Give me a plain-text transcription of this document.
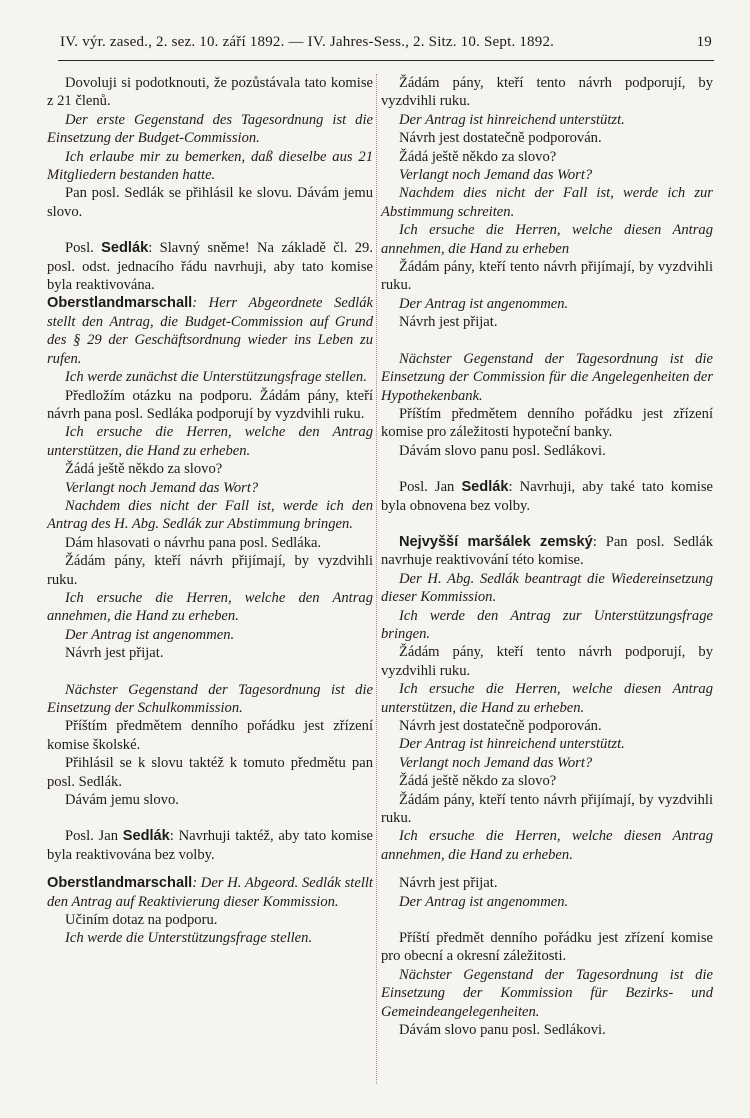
IV. výr. zased., 2. sez. 10. září 1892. — IV. Jahres-Sess., 2. Sitz. 10. Sept. 1892.	19

Dovoluji si podotknouti, že pozůstávala tato komise z 21 členů.

Der erste Gegenstand des Tagesordnung ist die Einsetzung der Budget-Commission.

Ich erlaube mir zu bemerken, daß dieselbe aus 21 Mitgliedern bestanden hatte.

Pan posl. Sedlák se přihlásil ke slovu. Dávám jemu slovo.

Posl. Sedlák: Slavný sněme! Na základě čl. 29. posl. odst. jednacího řádu navrhuji, aby tato komise byla reaktivována.

Oberstlandmarschall: Herr Abgeordnete Sedlák stellt den Antrag, die Budget-Commission auf Grund des § 29 der Geschäftsordnung wieder ins Leben zu rufen.

Ich werde zunächst die Unterstützungsfrage stellen.

Předložím otázku na podporu. Žádám pány, kteří návrh pana posl. Sedláka podporují by vyzdvihli ruku.

Ich ersuche die Herren, welche den Antrag unterstützen, die Hand zu erheben.

Žádá ještě někdo za slovo?

Verlangt noch Jemand das Wort?

Nachdem dies nicht der Fall ist, werde ich den Antrag des H. Abg. Sedlák zur Abstimmung bringen.

Dám hlasovati o návrhu pana posl. Sedláka.

Žádám pány, kteří návrh přijímají, by vyzdvihli ruku.

Ich ersuche die Herren, welche den Antrag annehmen, die Hand zu erheben.

Der Antrag ist angenommen.

Návrh jest přijat.

Nächster Gegenstand der Tagesordnung ist die Einsetzung der Schulkommission.

Příštím předmětem denního pořádku jest zřízení komise školské.

Přihlásil se k slovu taktéž k tomuto předmětu pan posl. Sedlák.

Dávám jemu slovo.

Posl. Jan Sedlák: Navrhuji taktéž, aby tato komise byla reaktivována bez volby.

Oberstlandmarschall: Der H. Abgeord. Sedlák stellt den Antrag auf Reaktivierung dieser Kommission.

Učiním dotaz na podporu.

Ich werde die Unterstützungsfrage stellen.

Žádám pány, kteří tento návrh podporují, by vyzdvihli ruku.

Der Antrag ist hinreichend unterstützt.

Návrh jest dostatečně podporován.

Žádá ještě někdo za slovo?

Verlangt noch Jemand das Wort?

Nachdem dies nicht der Fall ist, werde ich zur Abstimmung schreiten.

Ich ersuche die Herren, welche diesen Antrag annehmen, die Hand zu erheben

Žádám pány, kteří tento návrh přijímají, by vyzdvihli ruku.

Der Antrag ist angenommen.

Návrh jest přijat.

Nächster Gegenstand der Tagesordnung ist die Einsetzung der Commission für die Angelegenheiten der Hypothekenbank.

Příštím předmětem denního pořádku jest zřízení komise pro záležitosti hypoteční banky.

Dávám slovo panu posl. Sedlákovi.

Posl. Jan Sedlák: Navrhuji, aby také tato komise byla obnovena bez volby.

Nejvyšší maršálek zemský: Pan posl. Sedlák navrhuje reaktivování této komise.

Der H. Abg. Sedlák beantragt die Wiedereinsetzung dieser Kommission.

Ich werde den Antrag zur Unterstützungsfrage bringen.

Žádám pány, kteří tento návrh podporují, by vyzdvihli ruku.

Ich ersuche die Herren, welche diesen Antrag unterstützen, die Hand zu erheben.

Návrh jest dostatečně podporován.

Der Antrag ist hinreichend unterstützt.

Verlangt noch Jemand das Wort?

Žádá ještě někdo za slovo?

Žádám pány, kteří tento návrh přijímají, by vyzdvihli ruku.

Ich ersuche die Herren, welche diesen Antrag annehmen, die Hand zu erheben.

Návrh jest přijat.

Der Antrag ist angenommen.

Příští předmět denního pořádku jest zřízení komise pro obecní a okresní záležitosti.

Nächster Gegenstand der Tagesordnung ist die Einsetzung der Kommission für Bezirks- und Gemeindeangelegenheiten.

Dávám slovo panu posl. Sedlákovi.
